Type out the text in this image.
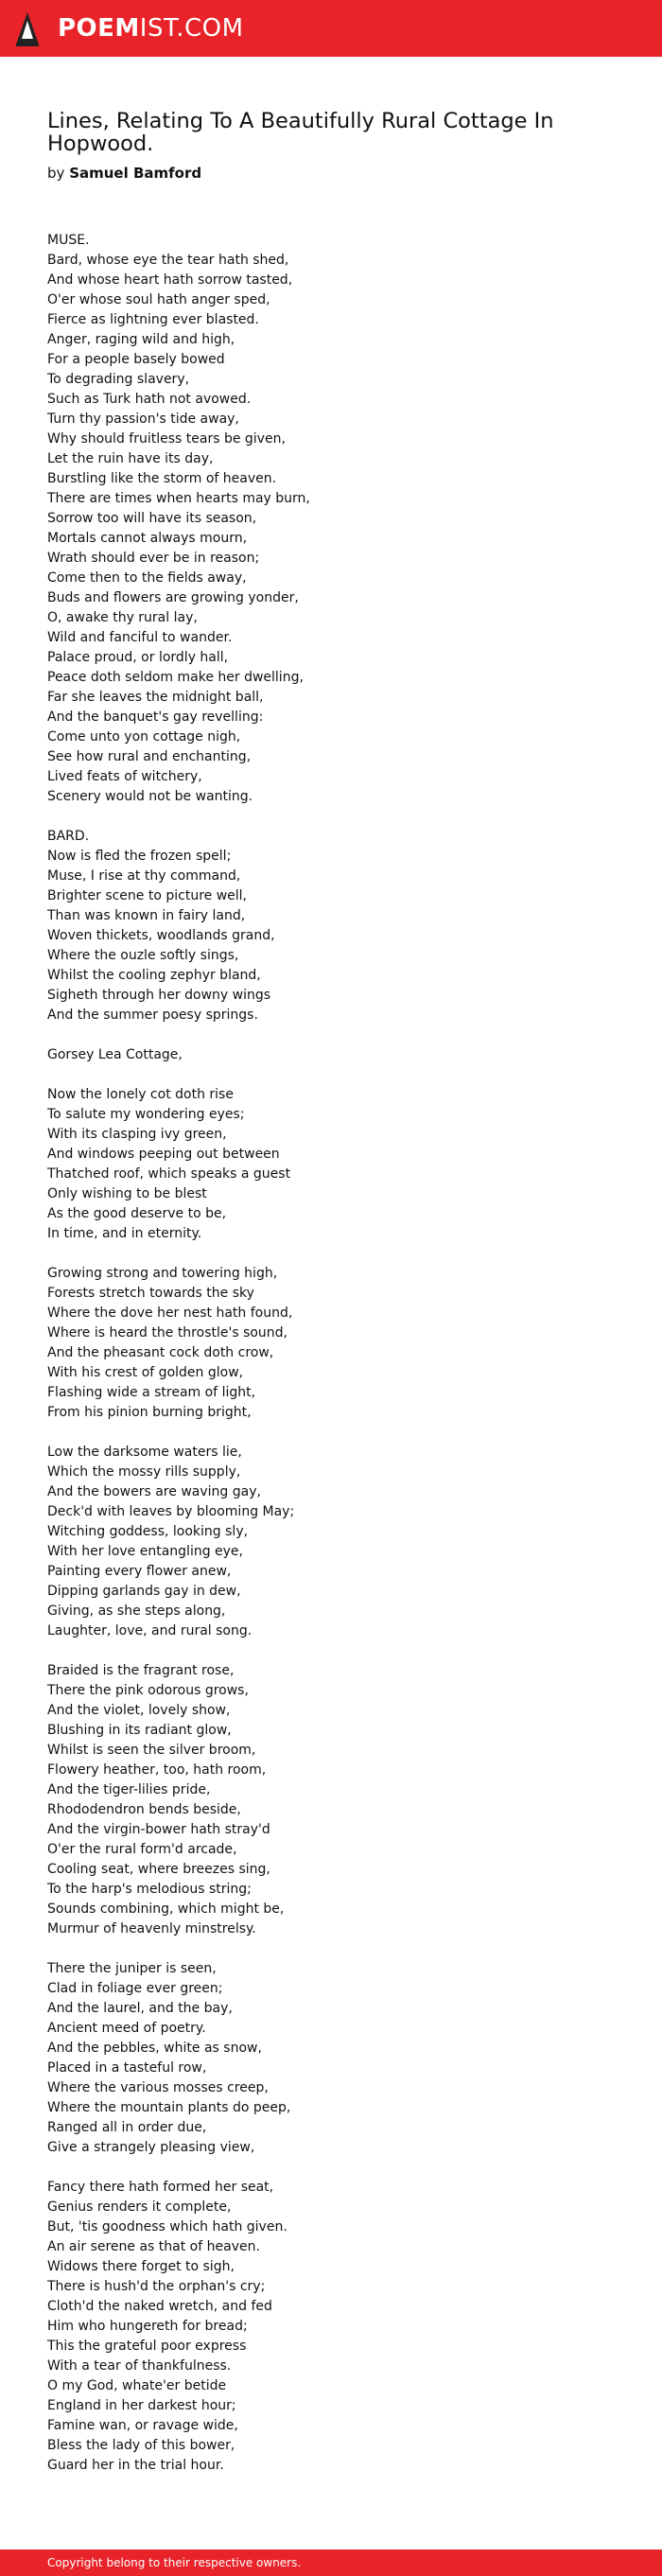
POEMIST.COM
Lines, Relating To A Beautifully Rural Cottage In Hopwood.
by Samuel Bamford
MUSE.
Bard, whose eye the tear hath shed,
And whose heart hath sorrow tasted,
O'er whose soul hath anger sped,
Fierce as lightning ever blasted.
Anger, raging wild and high,
For a people basely bowed
To degrading slavery,
Such as Turk hath not avowed.
Turn thy passion's tide away,
Why should fruitless tears be given,
Let the ruin have its day,
Burstling like the storm of heaven.
There are times when hearts may burn,
Sorrow too will have its season,
Mortals cannot always mourn,
Wrath should ever be in reason;
Come then to the fields away,
Buds and flowers are growing yonder,
O, awake thy rural lay,
Wild and fanciful to wander.
Palace proud, or lordly hall,
Peace doth seldom make her dwelling,
Far she leaves the midnight ball,
And the banquet's gay revelling:
Come unto yon cottage nigh,
See how rural and enchanting,
Lived feats of witchery,
Scenery would not be wanting.
BARD.
Now is fled the frozen spell;
Muse, I rise at thy command,
Brighter scene to picture well,
Than was known in fairy land,
Woven thickets, woodlands grand,
Where the ouzle softly sings,
Whilst the cooling zephyr bland,
Sigheth through her downy wings
And the summer poesy springs.
Gorsey Lea Cottage,
Now the lonely cot doth rise
To salute my wondering eyes;
With its clasping ivy green,
And windows peeping out between
Thatched roof, which speaks a guest
Only wishing to be blest
As the good deserve to be,
In time, and in eternity.
Growing strong and towering high,
Forests stretch towards the sky
Where the dove her nest hath found,
Where is heard the throstle's sound,
And the pheasant cock doth crow,
With his crest of golden glow,
Flashing wide a stream of light,
From his pinion burning bright,
Low the darksome waters lie,
Which the mossy rills supply,
And the bowers are waving gay,
Deck'd with leaves by blooming May;
Witching goddess, looking sly,
With her love entangling eye,
Painting every flower anew,
Dipping garlands gay in dew,
Giving, as she steps along,
Laughter, love, and rural song.
Braided is the fragrant rose,
There the pink odorous grows,
And the violet, lovely show,
Blushing in its radiant glow,
Whilst is seen the silver broom,
Flowery heather, too, hath room,
And the tiger-lilies pride,
Rhododendron bends beside,
And the virgin-bower hath stray'd
O'er the rural form'd arcade,
Cooling seat, where breezes sing,
To the harp's melodious string;
Sounds combining, which might be,
Murmur of heavenly minstrelsy.
There the juniper is seen,
Clad in foliage ever green;
And the laurel, and the bay,
Ancient meed of poetry.
And the pebbles, white as snow,
Placed in a tasteful row,
Where the various mosses creep,
Where the mountain plants do peep,
Ranged all in order due,
Give a strangely pleasing view,
Fancy there hath formed her seat,
Genius renders it complete,
But, 'tis goodness which hath given.
An air serene as that of heaven.
Widows there forget to sigh,
There is hush'd the orphan's cry;
Cloth'd the naked wretch, and fed
Him who hungereth for bread;
This the grateful poor express
With a tear of thankfulness.
O my God, whate'er betide
England in her darkest hour;
Famine wan, or ravage wide,
Bless the lady of this bower,
Guard her in the trial hour.
Copyright belong to their respective owners.
